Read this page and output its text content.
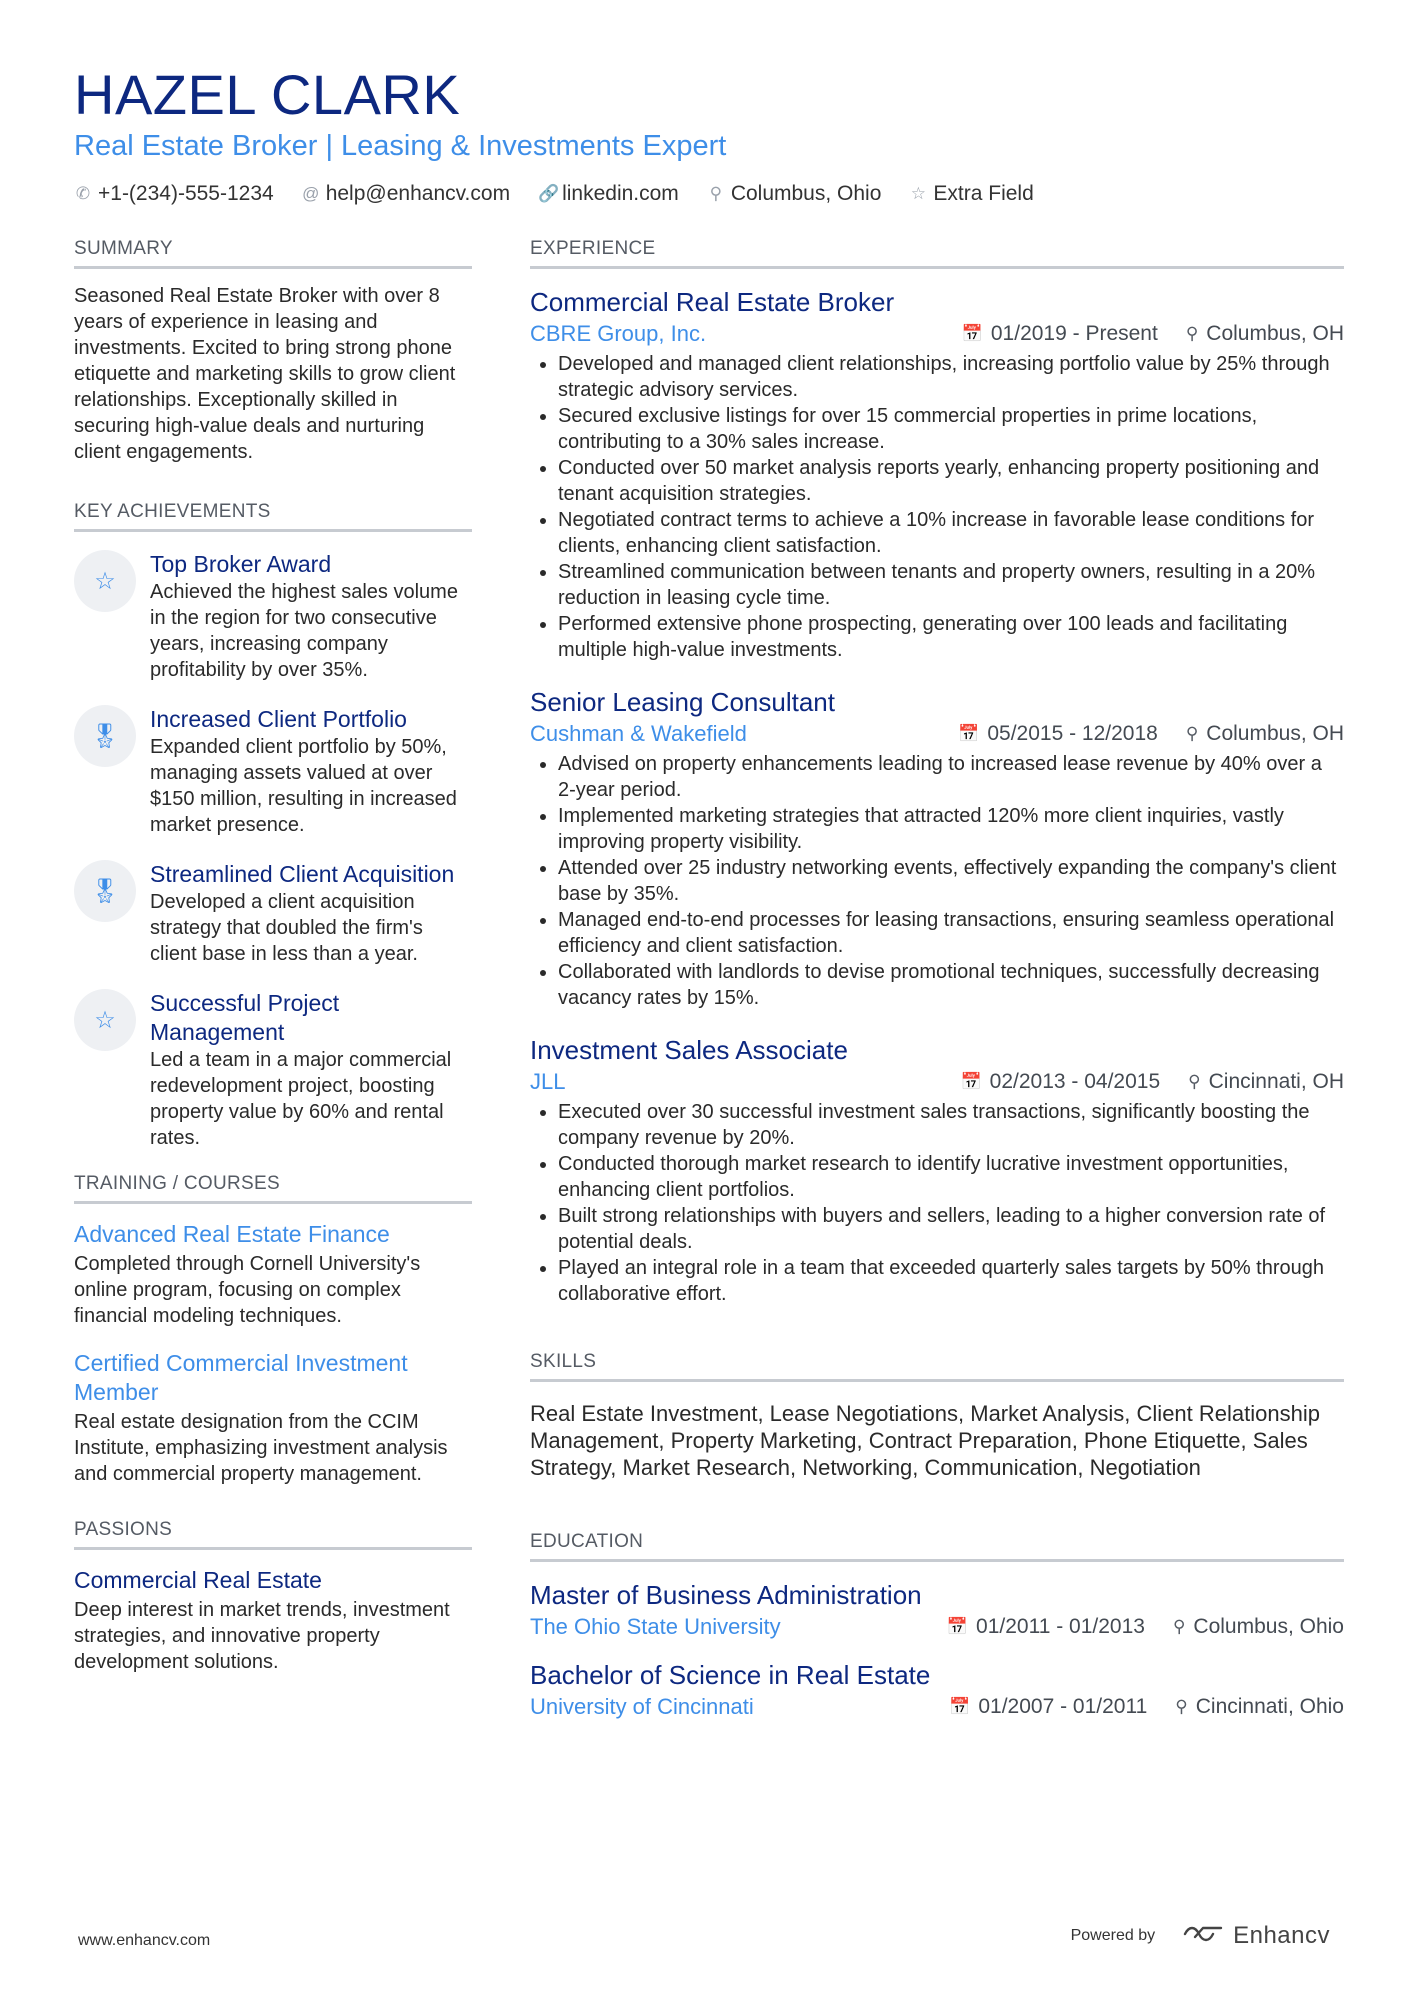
HAZEL CLARK
Real Estate Broker | Leasing & Investments Expert
✆ +1-(234)-555-1234 @ help@enhancv.com 🔗 linkedin.com ⚲ Columbus, Ohio ☆ Extra Field
SUMMARY
Seasoned Real Estate Broker with over 8 years of experience in leasing and investments. Excited to bring strong phone etiquette and marketing skills to grow client relationships. Exceptionally skilled in securing high-value deals and nurturing client engagements.
KEY ACHIEVEMENTS
☆
Top Broker Award
Achieved the highest sales volume in the region for two consecutive years, increasing company profitability by over 35%.
🎖
Increased Client Portfolio
Expanded client portfolio by 50%, managing assets valued at over $150 million, resulting in increased market presence.
🎖
Streamlined Client Acquisition
Developed a client acquisition strategy that doubled the firm's client base in less than a year.
☆
Successful Project Management
Led a team in a major commercial redevelopment project, boosting property value by 60% and rental rates.
TRAINING / COURSES
Advanced Real Estate Finance
Completed through Cornell University's online program, focusing on complex financial modeling techniques.
Certified Commercial Investment Member
Real estate designation from the CCIM Institute, emphasizing investment analysis and commercial property management.
PASSIONS
Commercial Real Estate
Deep interest in market trends, investment strategies, and innovative property development solutions.
EXPERIENCE
Commercial Real Estate Broker
CBRE Group, Inc.	📅 01/2019 - Present ⚲ Columbus, OH
• Developed and managed client relationships, increasing portfolio value by 25% through strategic advisory services.
• Secured exclusive listings for over 15 commercial properties in prime locations, contributing to a 30% sales increase.
• Conducted over 50 market analysis reports yearly, enhancing property positioning and tenant acquisition strategies.
• Negotiated contract terms to achieve a 10% increase in favorable lease conditions for clients, enhancing client satisfaction.
• Streamlined communication between tenants and property owners, resulting in a 20% reduction in leasing cycle time.
• Performed extensive phone prospecting, generating over 100 leads and facilitating multiple high-value investments.
Senior Leasing Consultant
Cushman & Wakefield	📅 05/2015 - 12/2018 ⚲ Columbus, OH
• Advised on property enhancements leading to increased lease revenue by 40% over a 2-year period.
• Implemented marketing strategies that attracted 120% more client inquiries, vastly improving property visibility.
• Attended over 25 industry networking events, effectively expanding the company's client base by 35%.
• Managed end-to-end processes for leasing transactions, ensuring seamless operational efficiency and client satisfaction.
• Collaborated with landlords to devise promotional techniques, successfully decreasing vacancy rates by 15%.
Investment Sales Associate
JLL	📅 02/2013 - 04/2015 ⚲ Cincinnati, OH
• Executed over 30 successful investment sales transactions, significantly boosting the company revenue by 20%.
• Conducted thorough market research to identify lucrative investment opportunities, enhancing client portfolios.
• Built strong relationships with buyers and sellers, leading to a higher conversion rate of potential deals.
• Played an integral role in a team that exceeded quarterly sales targets by 50% through collaborative effort.
SKILLS
Real Estate Investment, Lease Negotiations, Market Analysis, Client Relationship Management, Property Marketing, Contract Preparation, Phone Etiquette, Sales Strategy, Market Research, Networking, Communication, Negotiation
EDUCATION
Master of Business Administration
The Ohio State University	📅 01/2011 - 01/2013 ⚲ Columbus, Ohio
Bachelor of Science in Real Estate
University of Cincinnati	📅 01/2007 - 01/2011 ⚲ Cincinnati, Ohio
www.enhancv.com	Powered by	Enhancv
